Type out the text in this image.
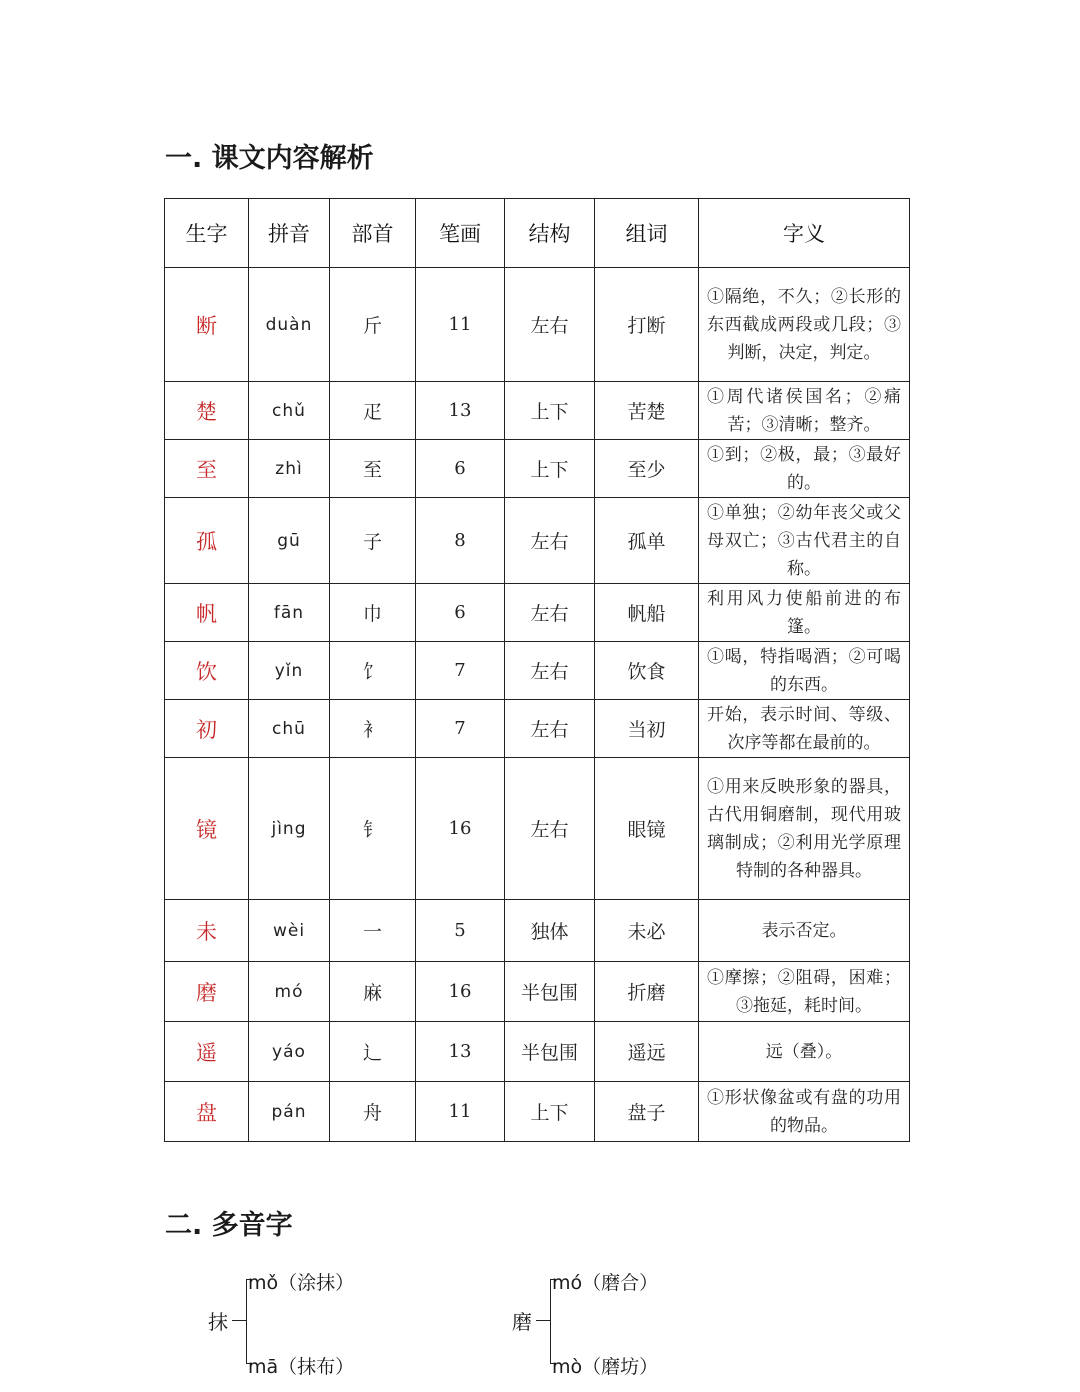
一. 课文内容解析
生字	拼音	部首	笔画	结构	组词	字义
断	duàn	斤	11	左右	打断	①隔绝，不久；②长形的东西截成两段或几段；③判断，决定，判定。
楚	chǔ	疋	13	上下	苦楚	①周代诸侯国名；②痛苦；③清晰；整齐。
至	zhì	至	6	上下	至少	①到；②极，最；③最好的。
孤	gū	子	8	左右	孤单	①单独；②幼年丧父或父母双亡；③古代君主的自称。
帆	fān	巾	6	左右	帆船	利用风力使船前进的布篷。
饮	yǐn	饣	7	左右	饮食	①喝，特指喝酒；②可喝的东西。
初	chū	衤	7	左右	当初	开始，表示时间、等级、次序等都在最前的。
镜	jìng	钅	16	左右	眼镜	①用来反映形象的器具，古代用铜磨制，现代用玻璃制成；②利用光学原理特制的各种器具。
未	wèi	一	5	独体	未必	表示否定。
磨	mó	麻	16	半包围	折磨	①摩擦；②阻碍，困难；③拖延，耗时间。
遥	yáo	辶	13	半包围	遥远	远（叠）。
盘	pán	舟	11	上下	盘子	①形状像盆或有盘的功用的物品。
二. 多音字
抹
mǒ（涂抹）
mā（抹布）
磨
mó（磨合）
mò（磨坊）
